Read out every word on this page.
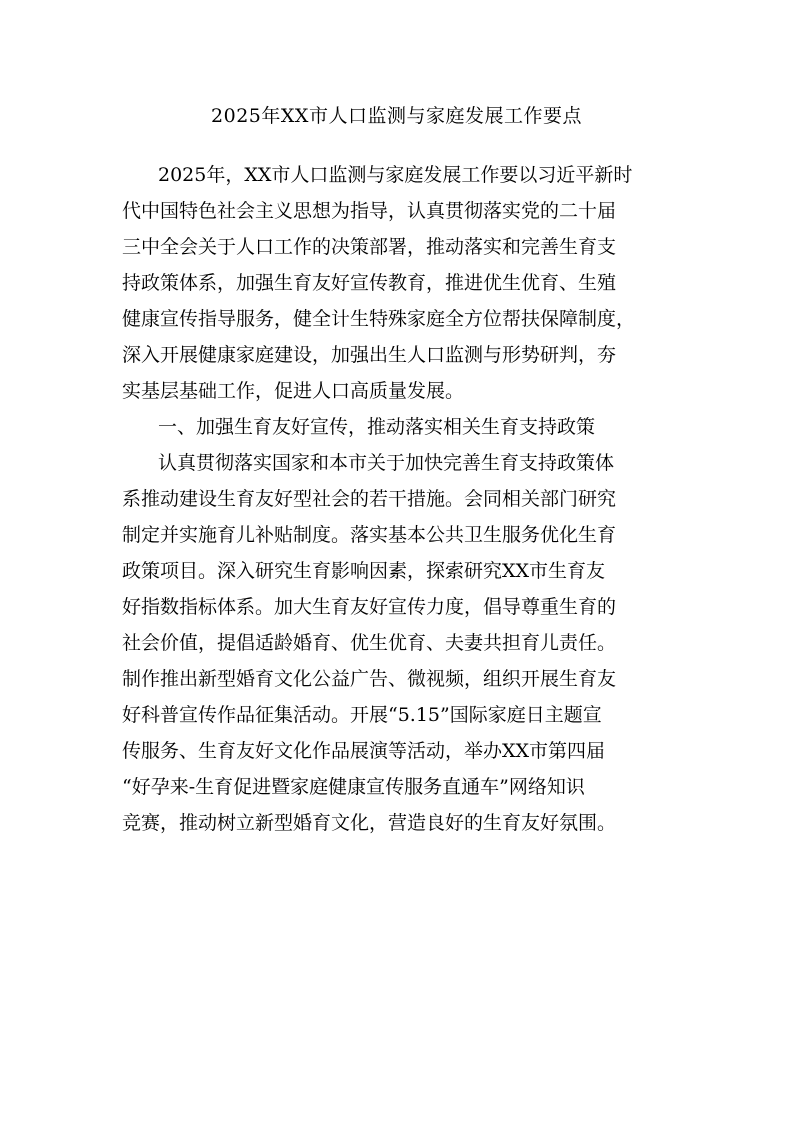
2025年XX市人口监测与家庭发展工作要点
2025年，XX市人口监测与家庭发展工作要以习近平新时
代中国特色社会主义思想为指导，认真贯彻落实党的二十届
三中全会关于人口工作的决策部署，推动落实和完善生育支
持政策体系，加强生育友好宣传教育，推进优生优育、生殖
健康宣传指导服务，健全计生特殊家庭全方位帮扶保障制度，
深入开展健康家庭建设，加强出生人口监测与形势研判，夯
实基层基础工作，促进人口高质量发展。
一、加强生育友好宣传，推动落实相关生育支持政策
认真贯彻落实国家和本市关于加快完善生育支持政策体
系推动建设生育友好型社会的若干措施。会同相关部门研究
制定并实施育儿补贴制度。落实基本公共卫生服务优化生育
政策项目。深入研究生育影响因素，探索研究XX市生育友
好指数指标体系。加大生育友好宣传力度，倡导尊重生育的
社会价值，提倡适龄婚育、优生优育、夫妻共担育儿责任。
制作推出新型婚育文化公益广告、微视频，组织开展生育友
好科普宣传作品征集活动。开展“5.15”国际家庭日主题宣
传服务、生育友好文化作品展演等活动，举办XX市第四届
“好孕来-生育促进暨家庭健康宣传服务直通车”网络知识
竞赛，推动树立新型婚育文化，营造良好的生育友好氛围。
